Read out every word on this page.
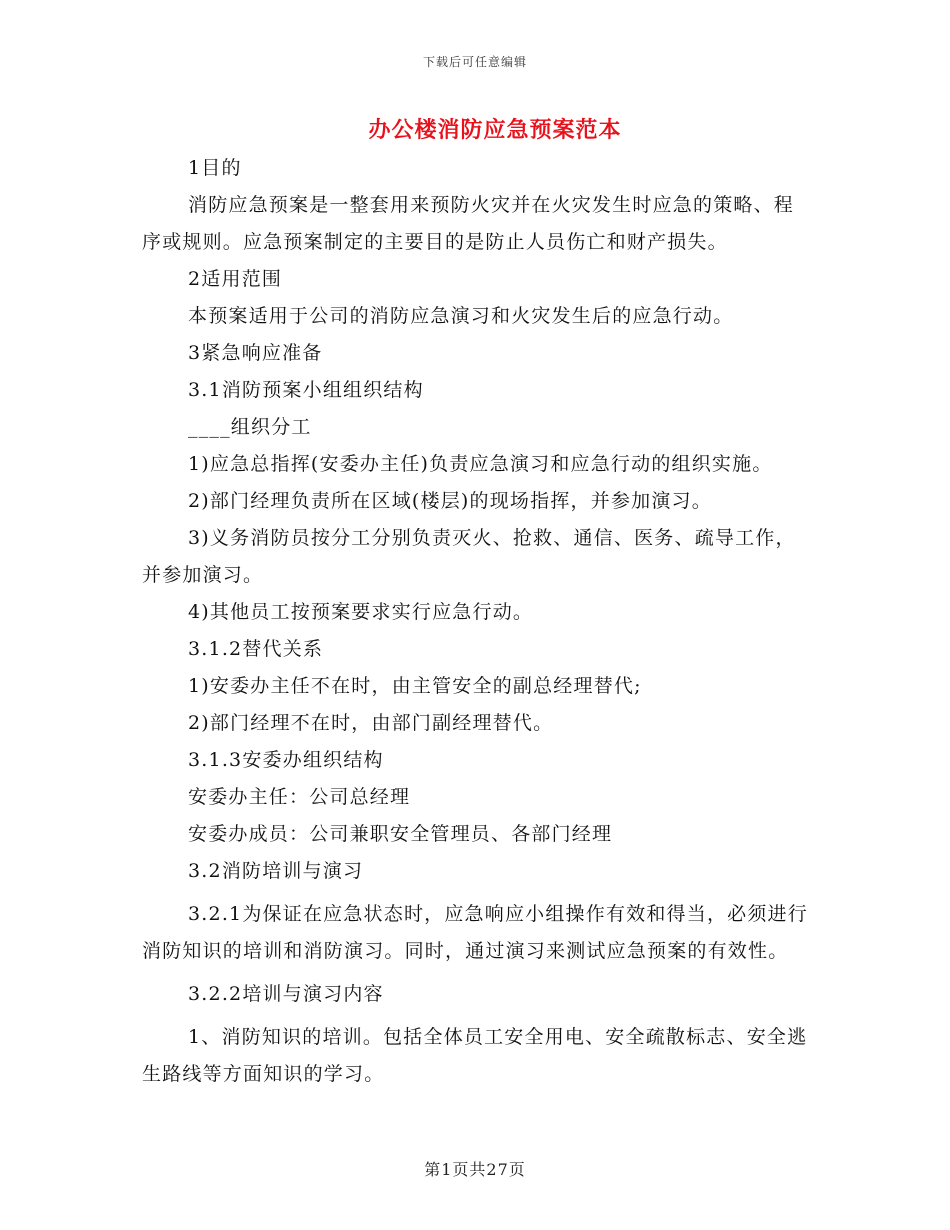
下载后可任意编辑
办公楼消防应急预案范本

1目的

消防应急预案是一整套用来预防火灾并在火灾发生时应急的策略、程序或规则。应急预案制定的主要目的是防止人员伤亡和财产损失。

2适用范围

本预案适用于公司的消防应急演习和火灾发生后的应急行动。

3紧急响应准备

3.1消防预案小组组织结构

____组织分工

1)应急总指挥(安委办主任)负责应急演习和应急行动的组织实施。

2)部门经理负责所在区域(楼层)的现场指挥，并参加演习。

3)义务消防员按分工分别负责灭火、抢救、通信、医务、疏导工作，并参加演习。

4)其他员工按预案要求实行应急行动。

3.1.2替代关系

1)安委办主任不在时，由主管安全的副总经理替代;

2)部门经理不在时，由部门副经理替代。

3.1.3安委办组织结构

安委办主任：公司总经理

安委办成员：公司兼职安全管理员、各部门经理

3.2消防培训与演习

3.2.1为保证在应急状态时，应急响应小组操作有效和得当，必须进行消防知识的培训和消防演习。同时，通过演习来测试应急预案的有效性。

3.2.2培训与演习内容

1、消防知识的培训。包括全体员工安全用电、安全疏散标志、安全逃生路线等方面知识的学习。

第1页共27页
